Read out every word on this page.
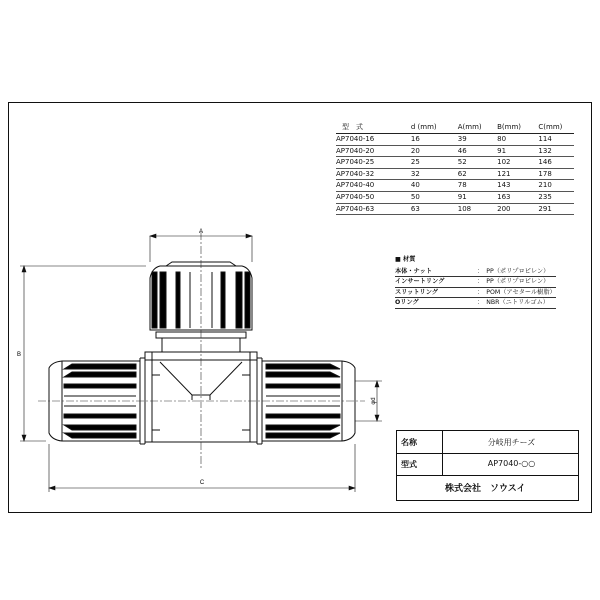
A
B
C
φd
型　式	d (mm)	A(mm)	B(mm)	C(mm)
AP7040-16	16	39	80	114
AP7040-20	20	46	91	132
AP7040-25	25	52	102	146
AP7040-32	32	62	121	178
AP7040-40	40	78	143	210
AP7040-50	50	91	163	235
AP7040-63	63	108	200	291
■ 材質
本体・ナット	：　PP（ポリプロピレン）
インサートリング	：　PP（ポリプロピレン）
スリットリング	：　POM（アセタール樹脂）
Oリング	：　NBR（ニトリルゴム）
名称	分岐用チーズ
型式	AP7040-○○
株式会社　ソウスイ
